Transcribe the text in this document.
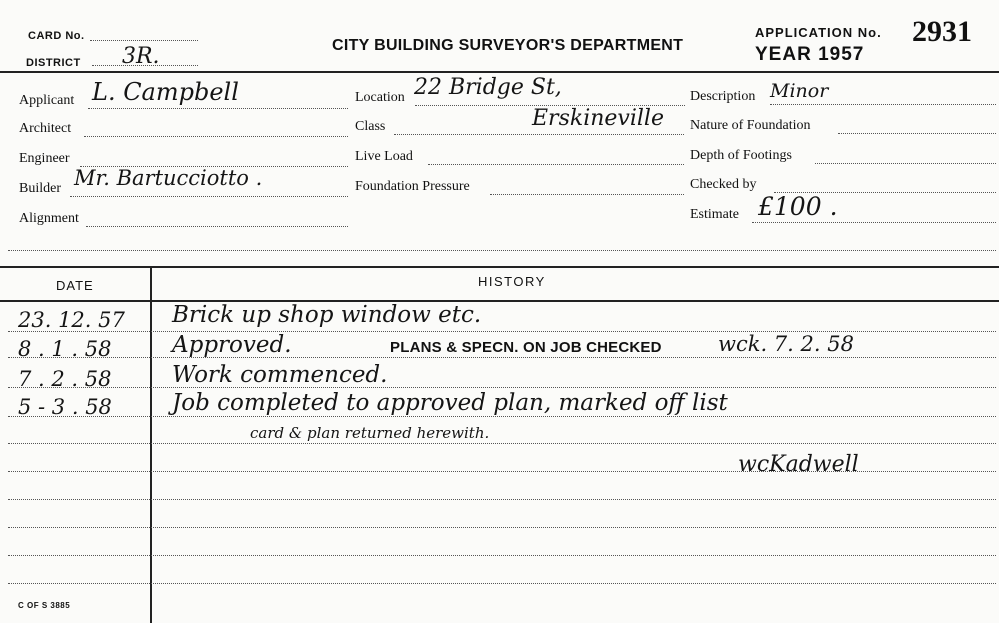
CARD No.
DISTRICT 3R.	CITY BUILDING SURVEYOR'S DEPARTMENT
APPLICATION No. 2931
YEAR 1957
Applicant L. Campbell
Architect
Engineer
Builder Mr. Bartucciotto .
Alignment
Location 22 Bridge St,
Erskineville
Class
Live Load
Foundation Pressure
Description Minor
Nature of Foundation
Depth of Footings
Checked by
Estimate £100 .
DATE	HISTORY
23. 12. 57 Brick up shop window etc.
8 . 1 . 58	Approved.	PLANS & SPECN. ON JOB CHECKED	wck. 7. 2. 58
7 . 2 . 58	Work commenced.
5 - 3 . 58	Job completed to approved plan, marked off list
card & plan returned herewith.
wcKadwell
C OF S 3885
